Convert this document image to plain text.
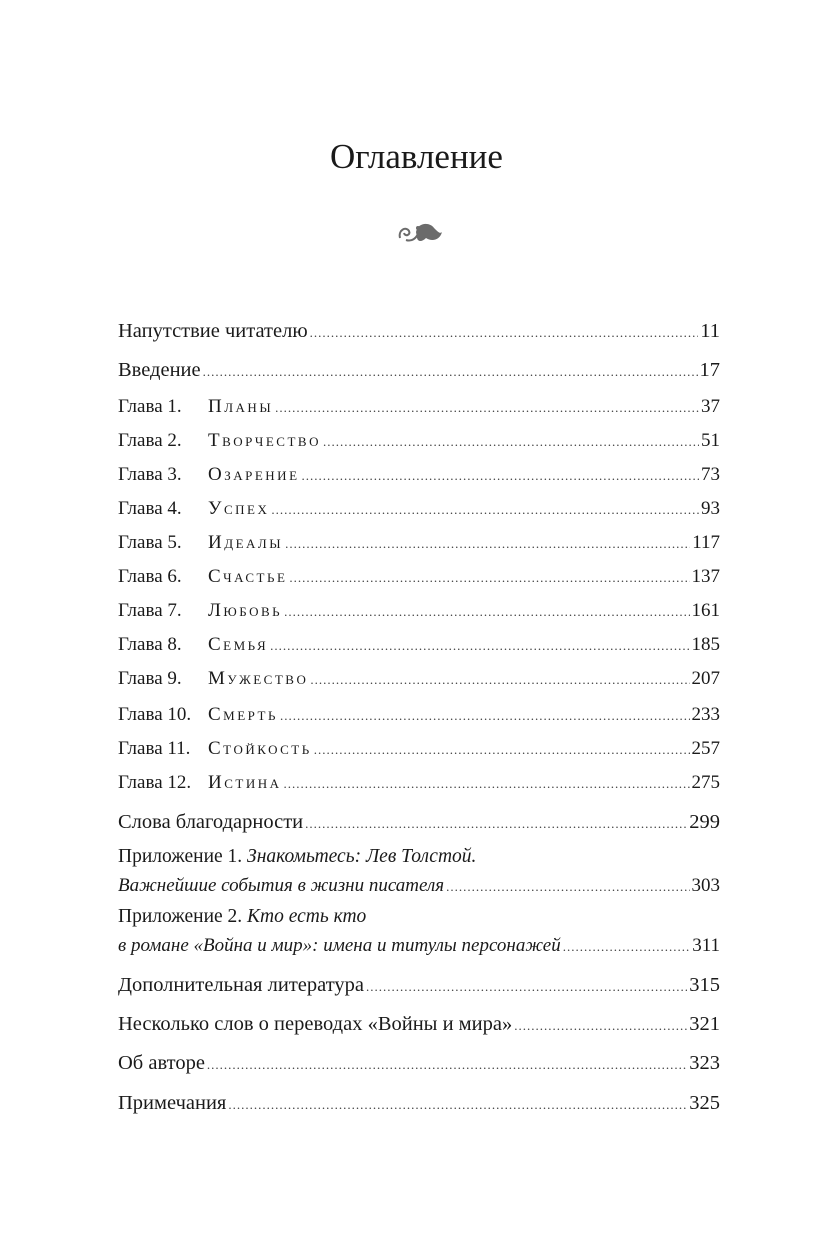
Оглавление
Напутствие читателю .....	11
Введение .....	17
Глава 1.	Планы .....	37
Глава 2.	Творчество .....	51
Глава 3.	Озарение .....	73
Глава 4.	Успех .....	93
Глава 5.	Идеалы .....	117
Глава 6.	Счастье .....	137
Глава 7.	Любовь .....	161
Глава 8.	Семья .....	185
Глава 9.	Мужество .....	207
Глава 10. Смерть .....	233
Глава 11. Стойкость .....	257
Глава 12. Истина .....	275
Слова благодарности .....	299
Приложение 1. Знакомьтесь: Лев Толстой.
Важнейшие события в жизни писателя .....	303
Приложение 2. Кто есть кто
в романе «Война и мир»: имена и титулы персонажей .....	311
Дополнительная литература .....	315
Несколько слов о переводах «Войны и мира» .....	321
Об авторе .....	323
Примечания .....	325
